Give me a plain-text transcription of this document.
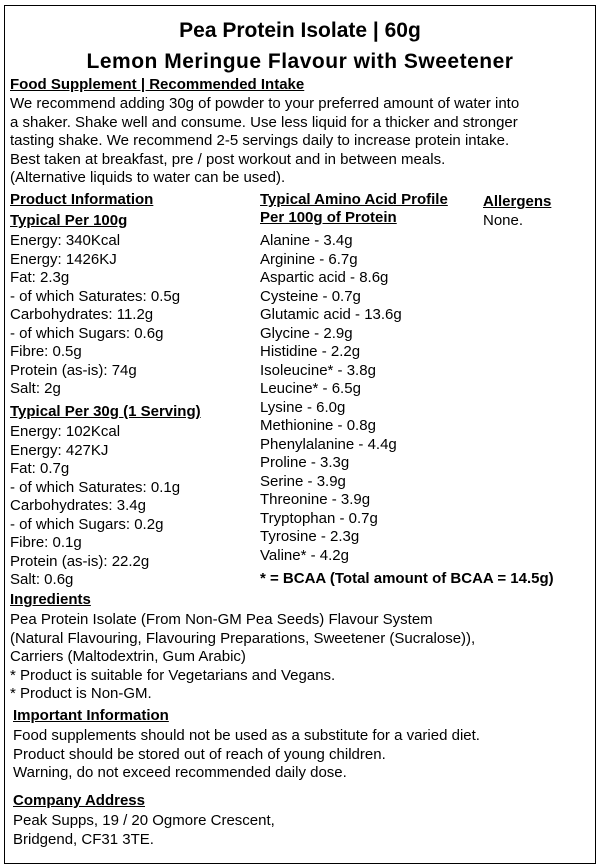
Pea Protein Isolate | 60g
Lemon Meringue Flavour with Sweetener
Food Supplement | Recommended Intake
We recommend adding 30g of powder to your preferred amount of water into
a shaker. Shake well and consume. Use less liquid for a thicker and stronger
tasting shake. We recommend 2-5 servings daily to increase protein intake.
Best taken at breakfast, pre / post workout and in between meals.
(Alternative liquids to water can be used).
Product Information
Typical Per 100g
Energy: 340Kcal
Energy: 1426KJ
Fat: 2.3g
- of which Saturates: 0.5g
Carbohydrates: 11.2g
- of which Sugars: 0.6g
Fibre: 0.5g
Protein (as-is): 74g
Salt: 2g
Typical Per 30g (1 Serving)
Energy: 102Kcal
Energy: 427KJ
Fat: 0.7g
- of which Saturates: 0.1g
Carbohydrates: 3.4g
- of which Sugars: 0.2g
Fibre: 0.1g
Protein (as-is): 22.2g
Salt: 0.6g
Typical Amino Acid Profile
Per 100g of Protein
Alanine - 3.4g
Arginine - 6.7g
Aspartic acid - 8.6g
Cysteine - 0.7g
Glutamic acid - 13.6g
Glycine - 2.9g
Histidine - 2.2g
Isoleucine* - 3.8g
Leucine* - 6.5g
Lysine - 6.0g
Methionine - 0.8g
Phenylalanine - 4.4g
Proline - 3.3g
Serine - 3.9g
Threonine - 3.9g
Tryptophan - 0.7g
Tyrosine - 2.3g
Valine* - 4.2g
* = BCAA (Total amount of BCAA = 14.5g)
Allergens
None.
Ingredients
Pea Protein Isolate (From Non-GM Pea Seeds) Flavour System
(Natural Flavouring, Flavouring Preparations, Sweetener (Sucralose)),
Carriers (Maltodextrin, Gum Arabic)
* Product is suitable for Vegetarians and Vegans.
* Product is Non-GM.
Important Information
Food supplements should not be used as a substitute for a varied diet.
Product should be stored out of reach of young children.
Warning, do not exceed recommended daily dose.
Company Address
Peak Supps, 19 / 20 Ogmore Crescent,
Bridgend, CF31 3TE.
